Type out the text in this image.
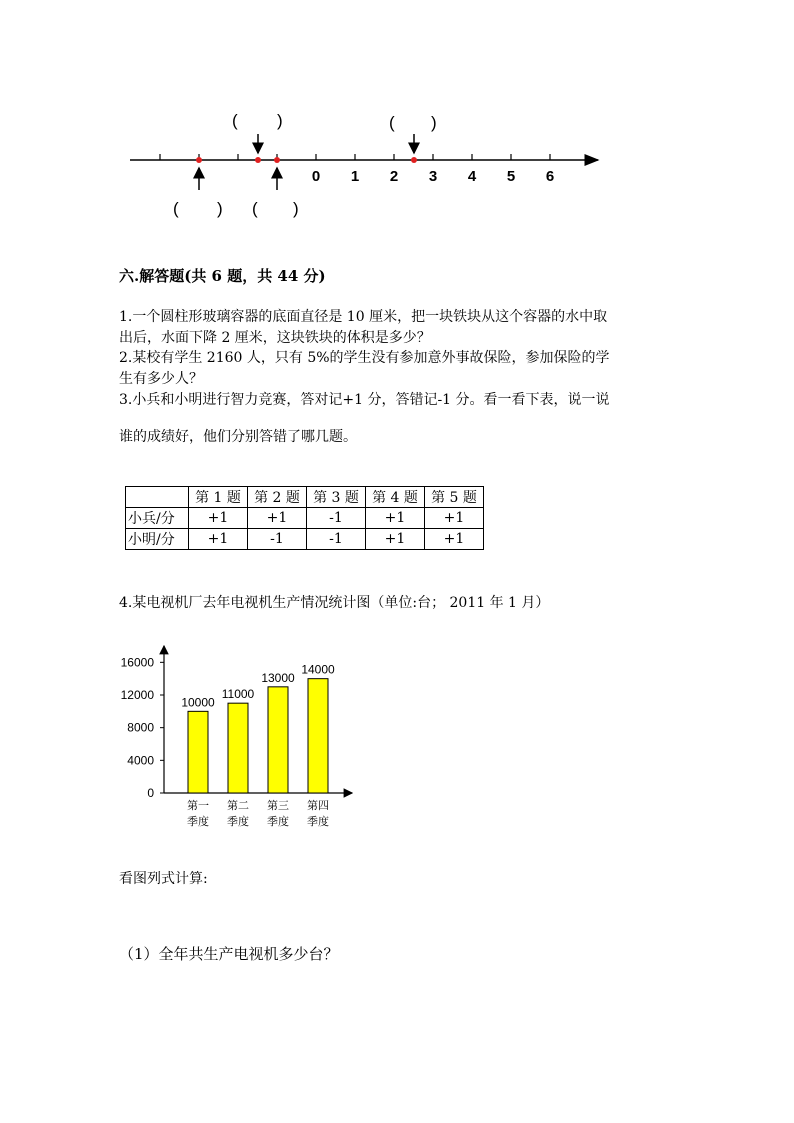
0 1 2 3 4 5 6
( )	( )
( ) ( )
六.解答题(共 6 题，共 44 分)
1.一个圆柱形玻璃容器的底面直径是 10 厘米，把一块铁块从这个容器的水中取
出后，水面下降 2 厘米，这块铁块的体积是多少？
2.某校有学生 2160 人，只有 5%的学生没有参加意外事故保险，参加保险的学
生有多少人？
3.小兵和小明进行智力竞赛，答对记+1 分，答错记-1 分。看一看下表，说一说
谁的成绩好，他们分别答错了哪几题。
	第 1 题	第 2 题	第 3 题	第 4 题	第 5 题
小兵/分	+1	+1	-1	+1	+1
小明/分	+1	-1	-1	+1	+1
4.某电视机厂去年电视机生产情况统计图（单位:台； 2011 年 1 月）
0
4000
8000
12000
16000
10000
第一
季度
11000
第二
季度
13000
第三
季度
14000
第四
季度
看图列式计算:
（1）全年共生产电视机多少台？
